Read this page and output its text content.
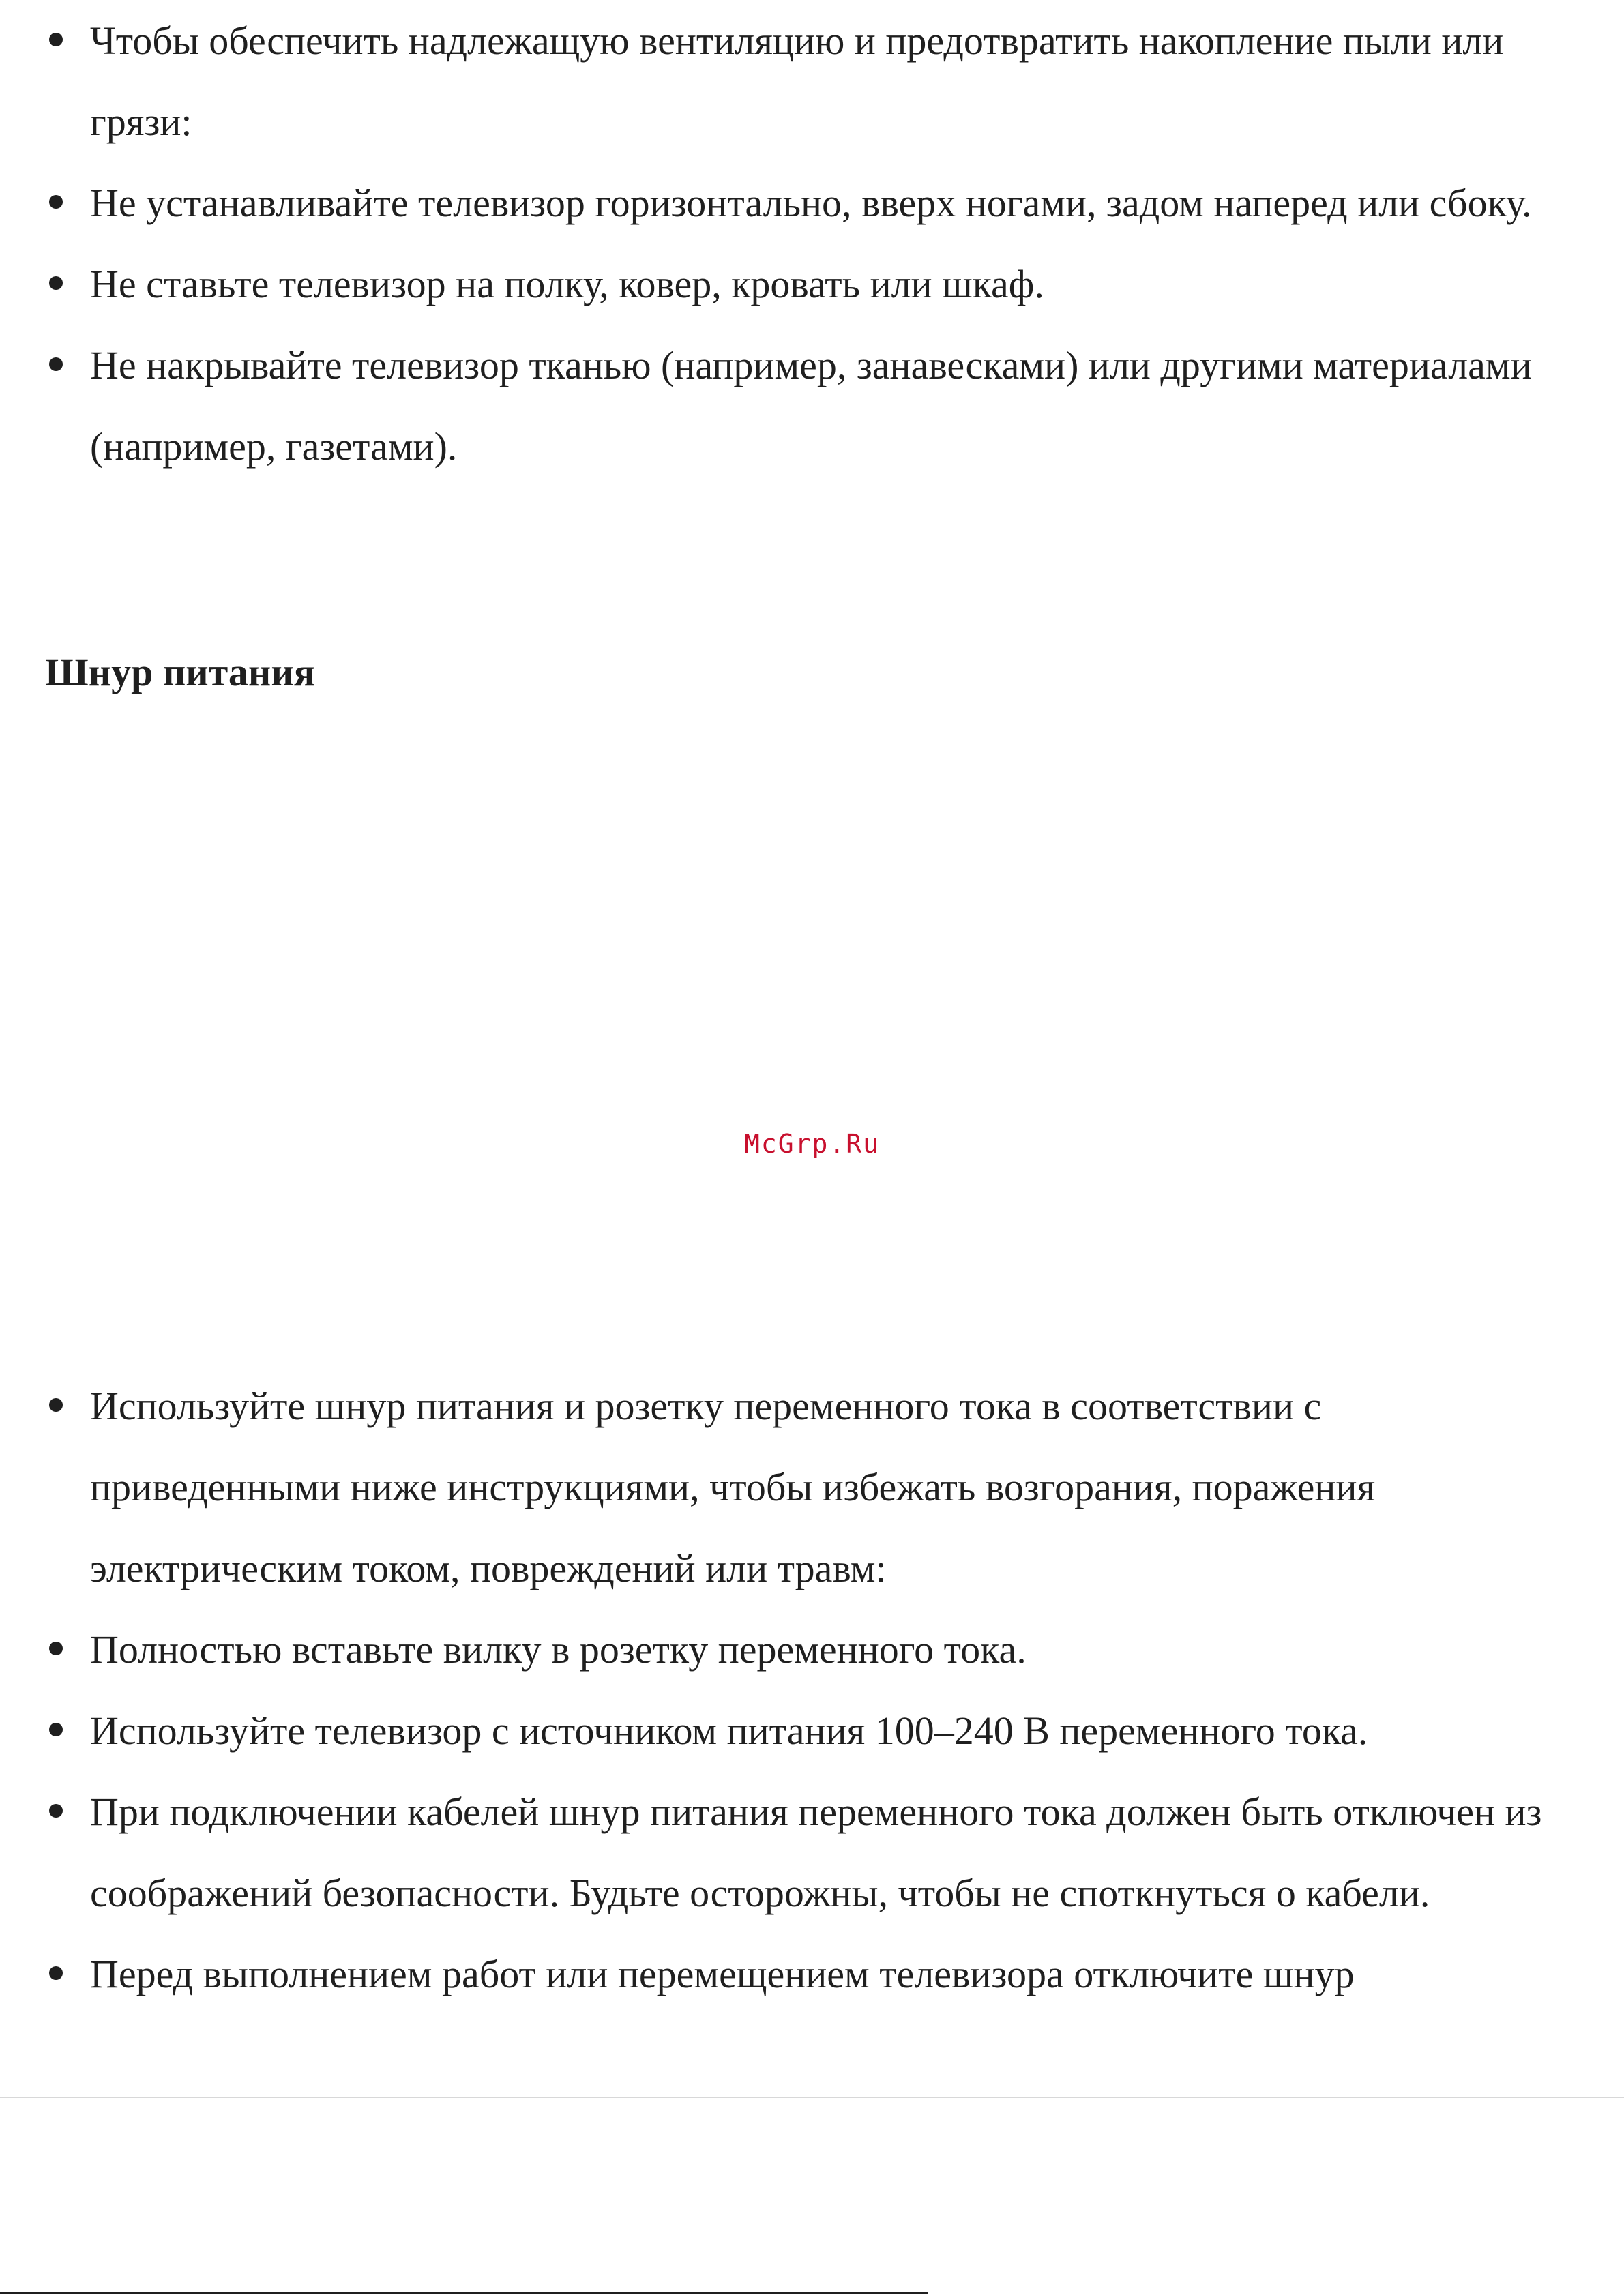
Чтобы обеспечить надлежащую вентиляцию и предотвратить накопление пыли или грязи:
Не устанавливайте телевизор горизонтально, вверх ногами, задом наперед или сбоку.
Не ставьте телевизор на полку, ковер, кровать или шкаф.
Не накрывайте телевизор тканью (например, занавесками) или другими материалами (например, газетами).
Шнур питания
McGrp.Ru
Используйте шнур питания и розетку переменного тока в соответствии с приведенными ниже инструкциями, чтобы избежать возгорания, поражения электрическим током, повреждений или травм:
Полностью вставьте вилку в розетку переменного тока.
Используйте телевизор с источником питания 100–240 В переменного тока.
При подключении кабелей шнур питания переменного тока должен быть отключен из соображений безопасности. Будьте осторожны, чтобы не споткнуться о кабели.
Перед выполнением работ или перемещением телевизора отключите шнур
